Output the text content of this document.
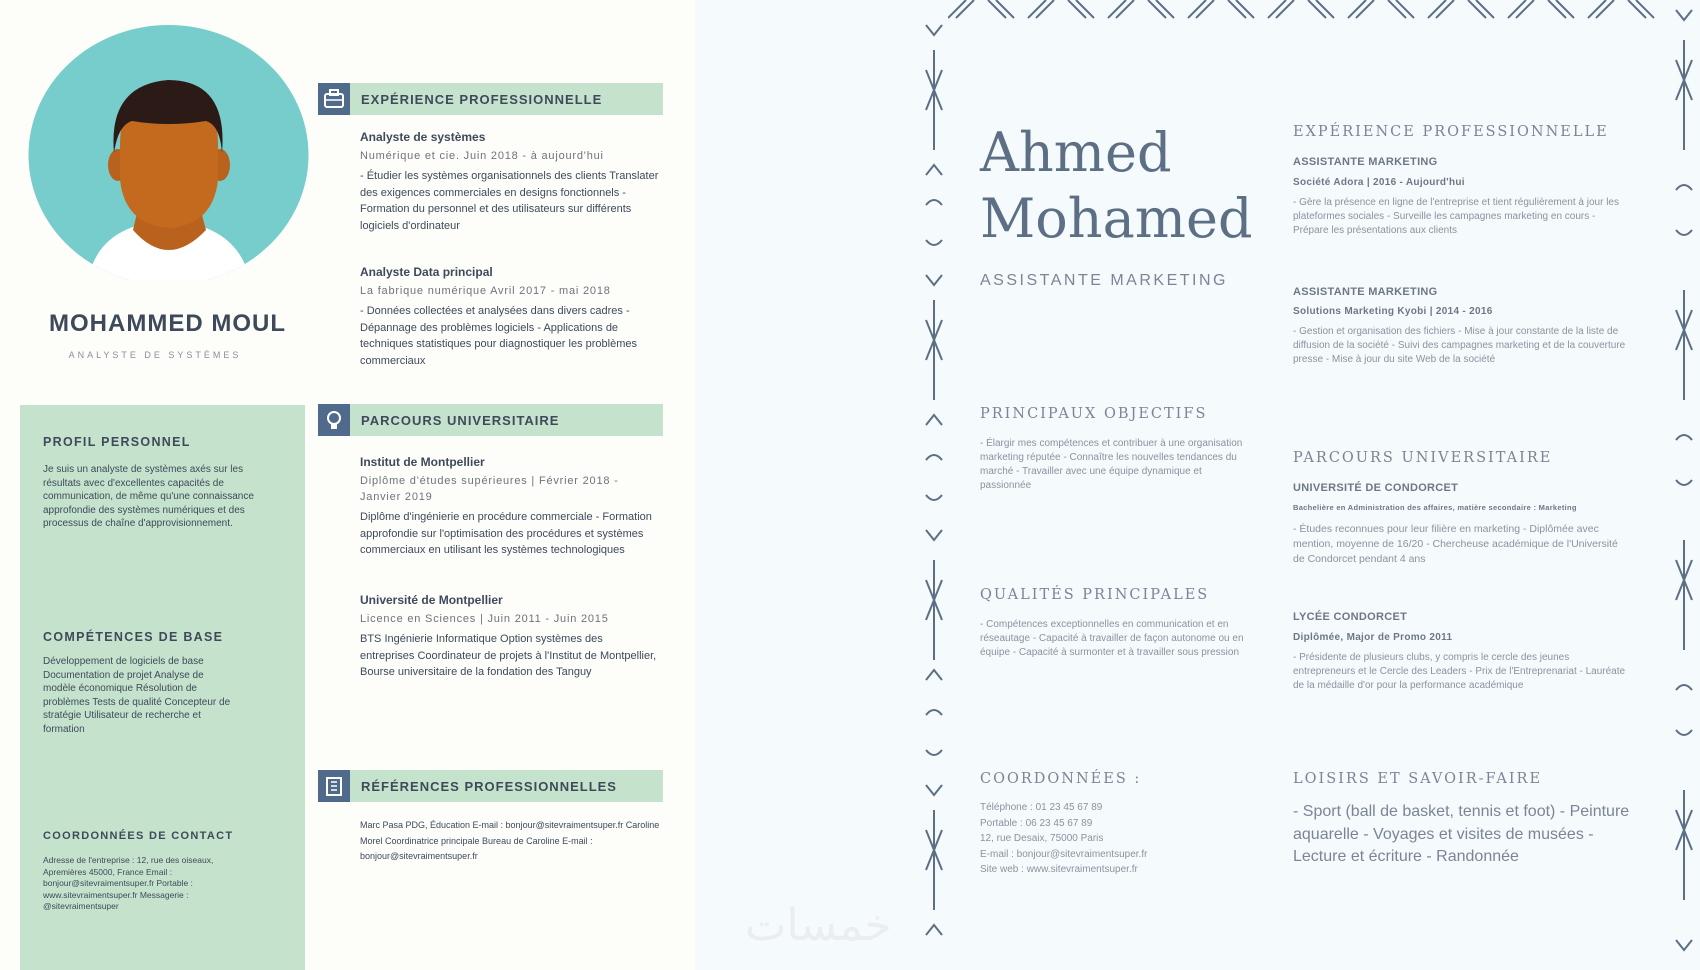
MOHAMMED MOUL
ANALYSTE DE SYSTÈMES
PROFIL PERSONNEL

Je suis un analyste de systèmes axés sur les résultats avec d'excellentes capacités de communication, de même qu'une connaissance approfondie des systèmes numériques et des processus de chaîne d'approvisionnement.

COMPÉTENCES DE BASE

Développement de logiciels de base Documentation de projet Analyse de modèle économique Résolution de problèmes Tests de qualité Concepteur de stratégie Utilisateur de recherche et formation

COORDONNÉES DE CONTACT

Adresse de l'entreprise : 12, rue des oiseaux, Apremières 45000, France Email : bonjour@sitevraimentsuper.fr Portable : www.sitevraimentsuper.fr Messagerie : @sitevraimentsuper

EXPÉRIENCE PROFESSIONNELLE
Analyste de systèmes
Numérique et cie. Juin 2018 - à aujourd'hui
- Étudier les systèmes organisationnels des clients Translater des exigences commerciales en designs fonctionnels - Formation du personnel et des utilisateurs sur différents logiciels d'ordinateur
Analyste Data principal
La fabrique numérique Avril 2017 - mai 2018
- Données collectées et analysées dans divers cadres - Dépannage des problèmes logiciels - Applications de techniques statistiques pour diagnostiquer les problèmes commerciaux
PARCOURS UNIVERSITAIRE
Institut de Montpellier
Diplôme d'études supérieures | Février 2018 - Janvier 2019
Diplôme d'ingénierie en procédure commerciale - Formation approfondie sur l'optimisation des procédures et systèmes commerciaux en utilisant les systèmes technologiques
Université de Montpellier
Licence en Sciences | Juin 2011 - Juin 2015
BTS Ingénierie Informatique Option systèmes des entreprises Coordinateur de projets à l'Institut de Montpellier, Bourse universitaire de la fondation des Tanguy
RÉFÉRENCES PROFESSIONNELLES
Marc Pasa PDG, Éducation E-mail : bonjour@sitevraimentsuper.fr Caroline Morel Coordinatrice principale Bureau de Caroline E-mail : bonjour@sitevraimentsuper.fr
Ahmed
Mohamed
ASSISTANTE MARKETING
PRINCIPAUX OBJECTIFS
- Élargir mes compétences et contribuer à une organisation marketing réputée - Connaître les nouvelles tendances du marché - Travailler avec une équipe dynamique et passionnée
QUALITÉS PRINCIPALES
- Compétences exceptionnelles en communication et en réseautage - Capacité à travailler de façon autonome ou en équipe - Capacité à surmonter et à travailler sous pression
COORDONNÉES :
Téléphone : 01 23 45 67 89
Portable : 06 23 45 67 89
12, rue Desaix, 75000 Paris
E-mail : bonjour@sitevraimentsuper.fr
Site web : www.sitevraimentsuper.fr
EXPÉRIENCE PROFESSIONNELLE
ASSISTANTE MARKETING
Société Adora | 2016 - Aujourd'hui
- Gère la présence en ligne de l'entreprise et tient régulièrement à jour les plateformes sociales - Surveille les campagnes marketing en cours - Prépare les présentations aux clients
ASSISTANTE MARKETING
Solutions Marketing Kyobi | 2014 - 2016
- Gestion et organisation des fichiers - Mise à jour constante de la liste de diffusion de la société - Suivi des campagnes marketing et de la couverture presse - Mise à jour du site Web de la société
PARCOURS UNIVERSITAIRE
UNIVERSITÉ DE CONDORCET
Bachelière en Administration des affaires, matière secondaire : Marketing
- Études reconnues pour leur filière en marketing - Diplômée avec mention, moyenne de 16/20 - Chercheuse académique de l'Université de Condorcet pendant 4 ans
LYCÉE CONDORCET
Diplômée, Major de Promo 2011
- Présidente de plusieurs clubs, y compris le cercle des jeunes entrepreneurs et le Cercle des Leaders - Prix de l'Entreprenariat - Lauréate de la médaille d'or pour la performance académique
LOISIRS ET SAVOIR-FAIRE
- Sport (ball de basket, tennis et foot) - Peinture aquarelle - Voyages et visites de musées - Lecture et écriture - Randonnée
خمسات
